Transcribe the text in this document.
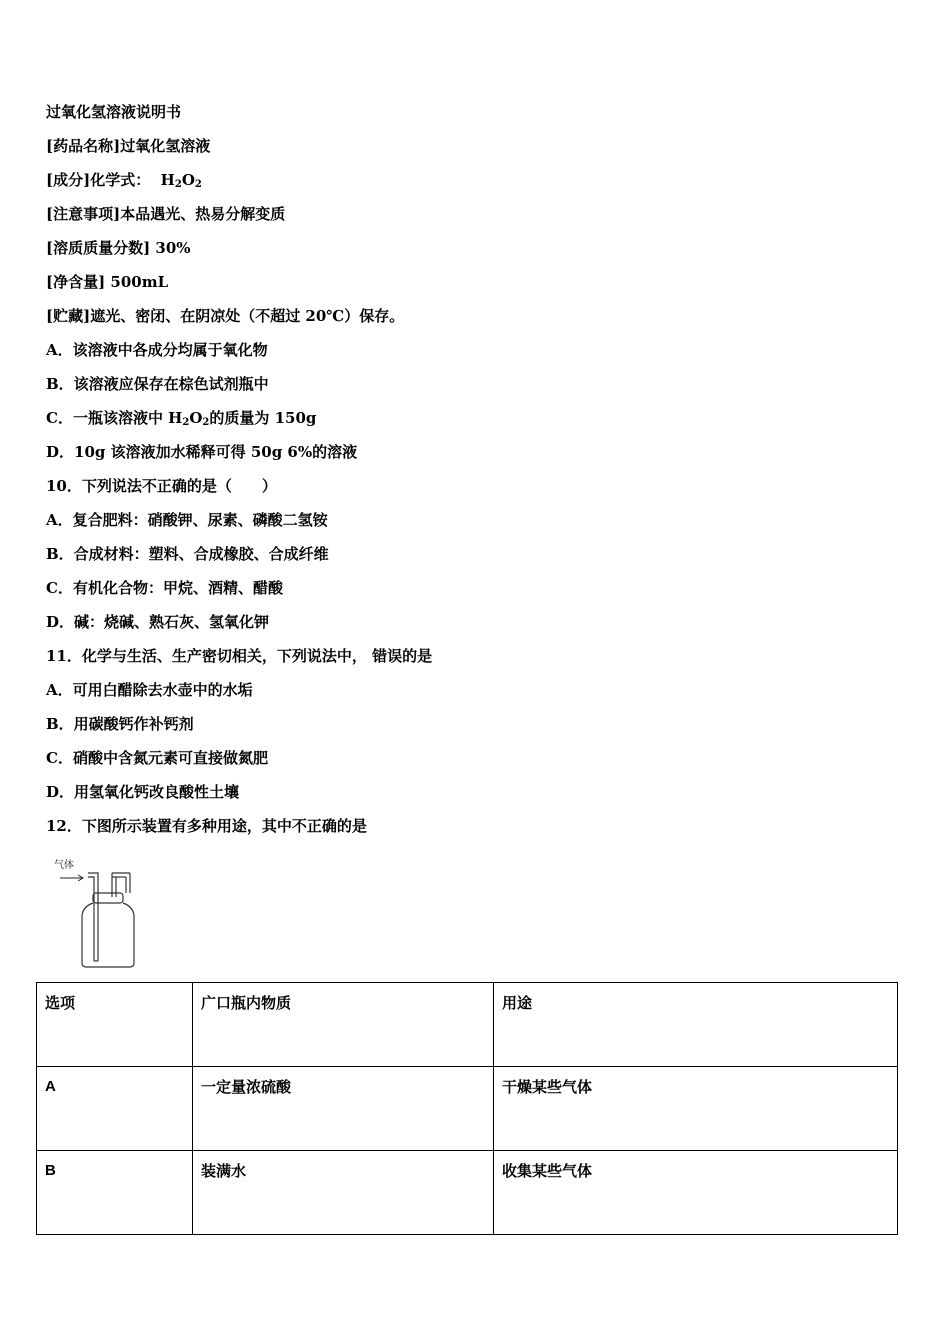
过氧化氢溶液说明书
[药品名称]过氧化氢溶液
[成分]化学式： $H_2O_2$
[注意事项]本品遇光、热易分解变质
[溶质质量分数] 30%
[净含量] 500mL
[贮藏]遮光、密闭、在阴凉处（不超过 20℃）保存。
A．该溶液中各成分均属于氧化物
B．该溶液应保存在棕色试剂瓶中
C．一瓶该溶液中 $H_2O_2$的质量为 150g
D．10g 该溶液加水稀释可得 50g 6%的溶液
10．下列说法不正确的是（　　）
A．复合肥料：硝酸钾、尿素、磷酸二氢铵
B．合成材料：塑料、合成橡胶、合成纤维
C．有机化合物：甲烷、酒精、醋酸
D．碱：烧碱、熟石灰、氢氧化钾
11．化学与生活、生产密切相关，下列说法中， 错误的是
A．可用白醋除去水壶中的水垢
B．用碳酸钙作补钙剂
C．硝酸中含氮元素可直接做氮肥
D．用氢氧化钙改良酸性土壤
12．下图所示装置有多种用途，其中不正确的是
气体
选项	广口瓶内物质	用途
A	一定量浓硫酸	干燥某些气体
B	装满水	收集某些气体
